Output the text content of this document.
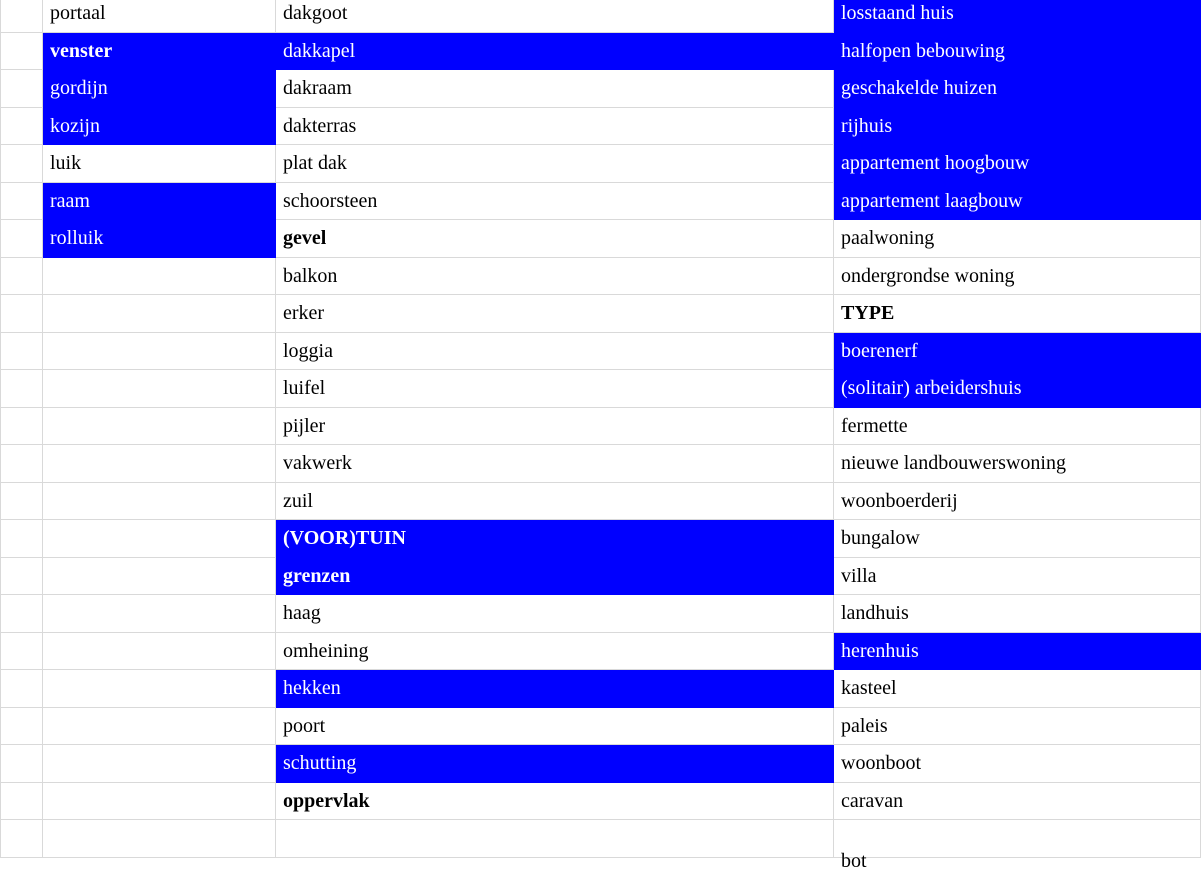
	portaal	dakgoot	losstaand huis
	venster	dakkapel	halfopen bebouwing
	gordijn	dakraam	geschakelde huizen
	kozijn	dakterras	rijhuis
	luik	plat dak	appartement hoogbouw
	raam	schoorsteen	appartement laagbouw
	rolluik	gevel	paalwoning
		balkon	ondergrondse woning
		erker	TYPE
		loggia	boerenerf
		luifel	(solitair) arbeidershuis
		pijler	fermette
		vakwerk	nieuwe landbouwerswoning
		zuil	woonboerderij
		(VOOR)TUIN	bungalow
		grenzen	villa
		haag	landhuis
		omheining	herenhuis
		hekken	kasteel
		poort	paleis
		schutting	woonboot
		oppervlak	caravan
			bot
